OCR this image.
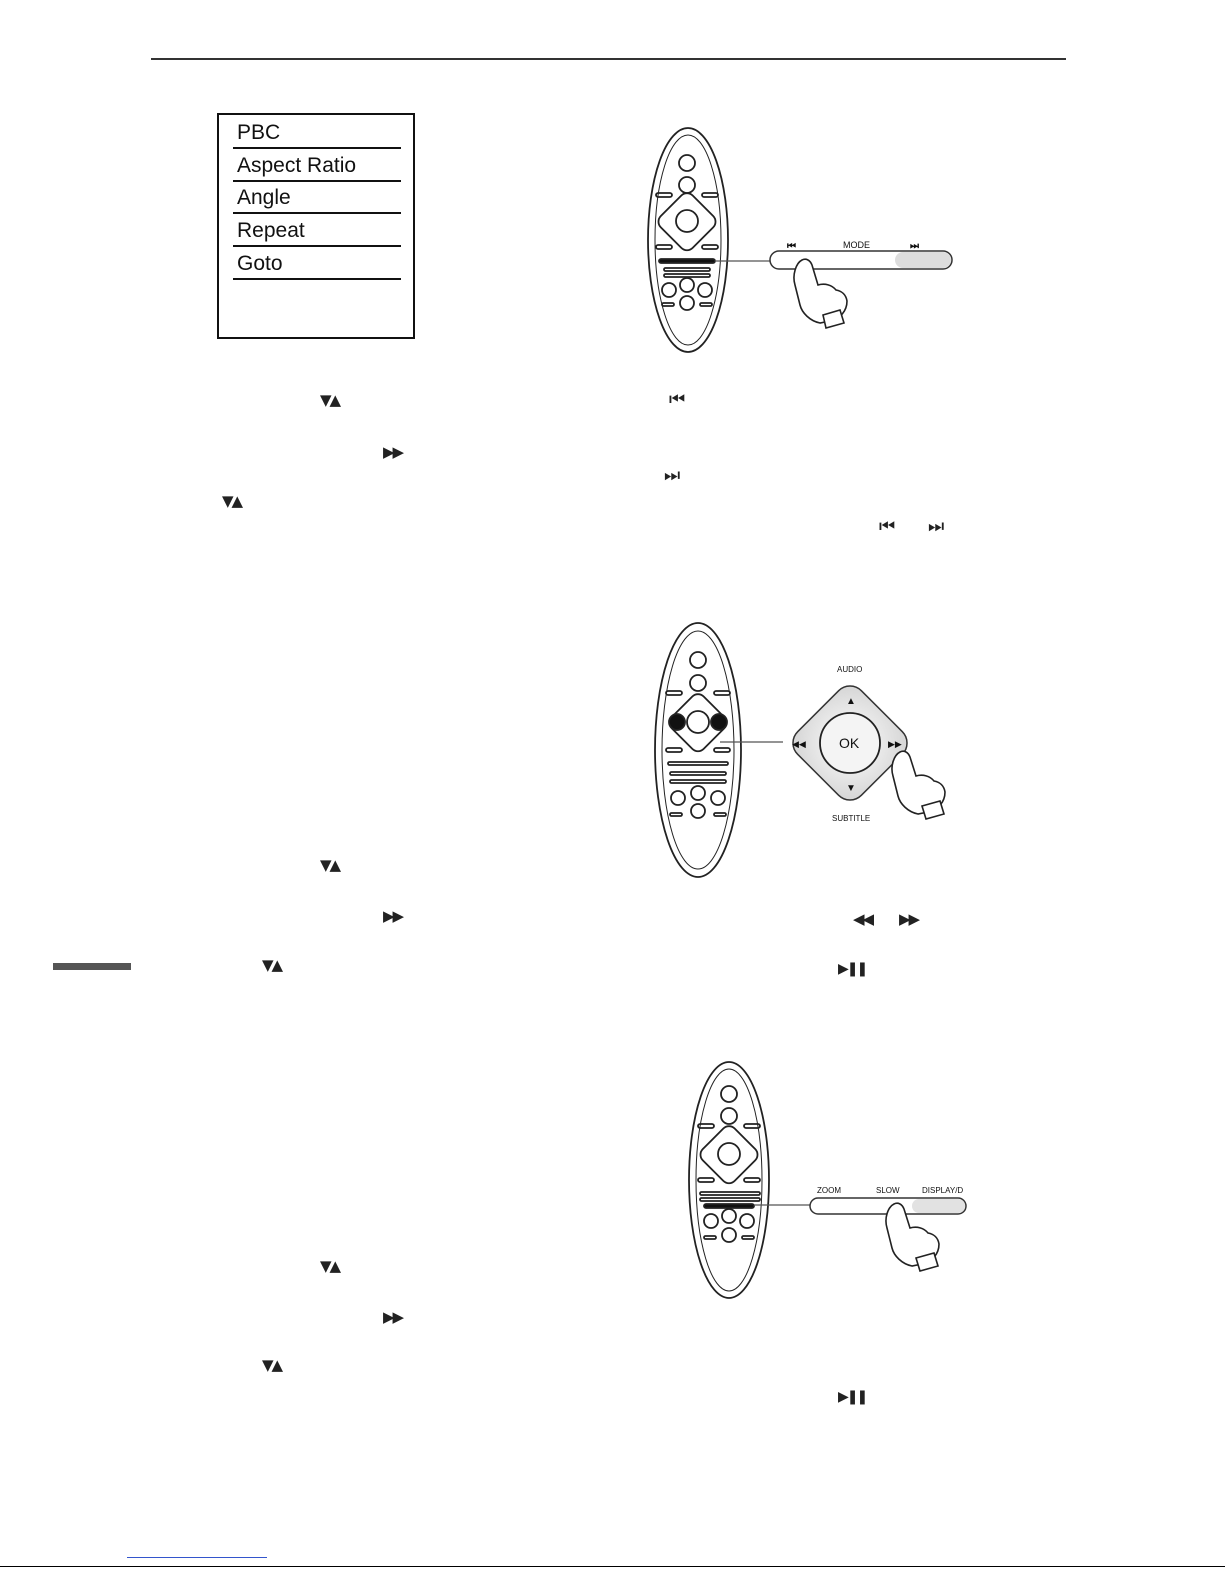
PBC
Aspect Ratio
Angle
Repeat
Goto
▼▲
▶▶
▼▲
▼▲
▶▶
▼▲
▼▲
▶▶
▼▲
⏮
⏭
⏮ ⏭
◀◀ ▶▶
▶❚❚
▶❚❚
⏮	MODE	⏭
OK
AUDIO
SUBTITLE
▲
▼
◀◀	▶▶
ZOOM	SLOW	DISPLAY/D
